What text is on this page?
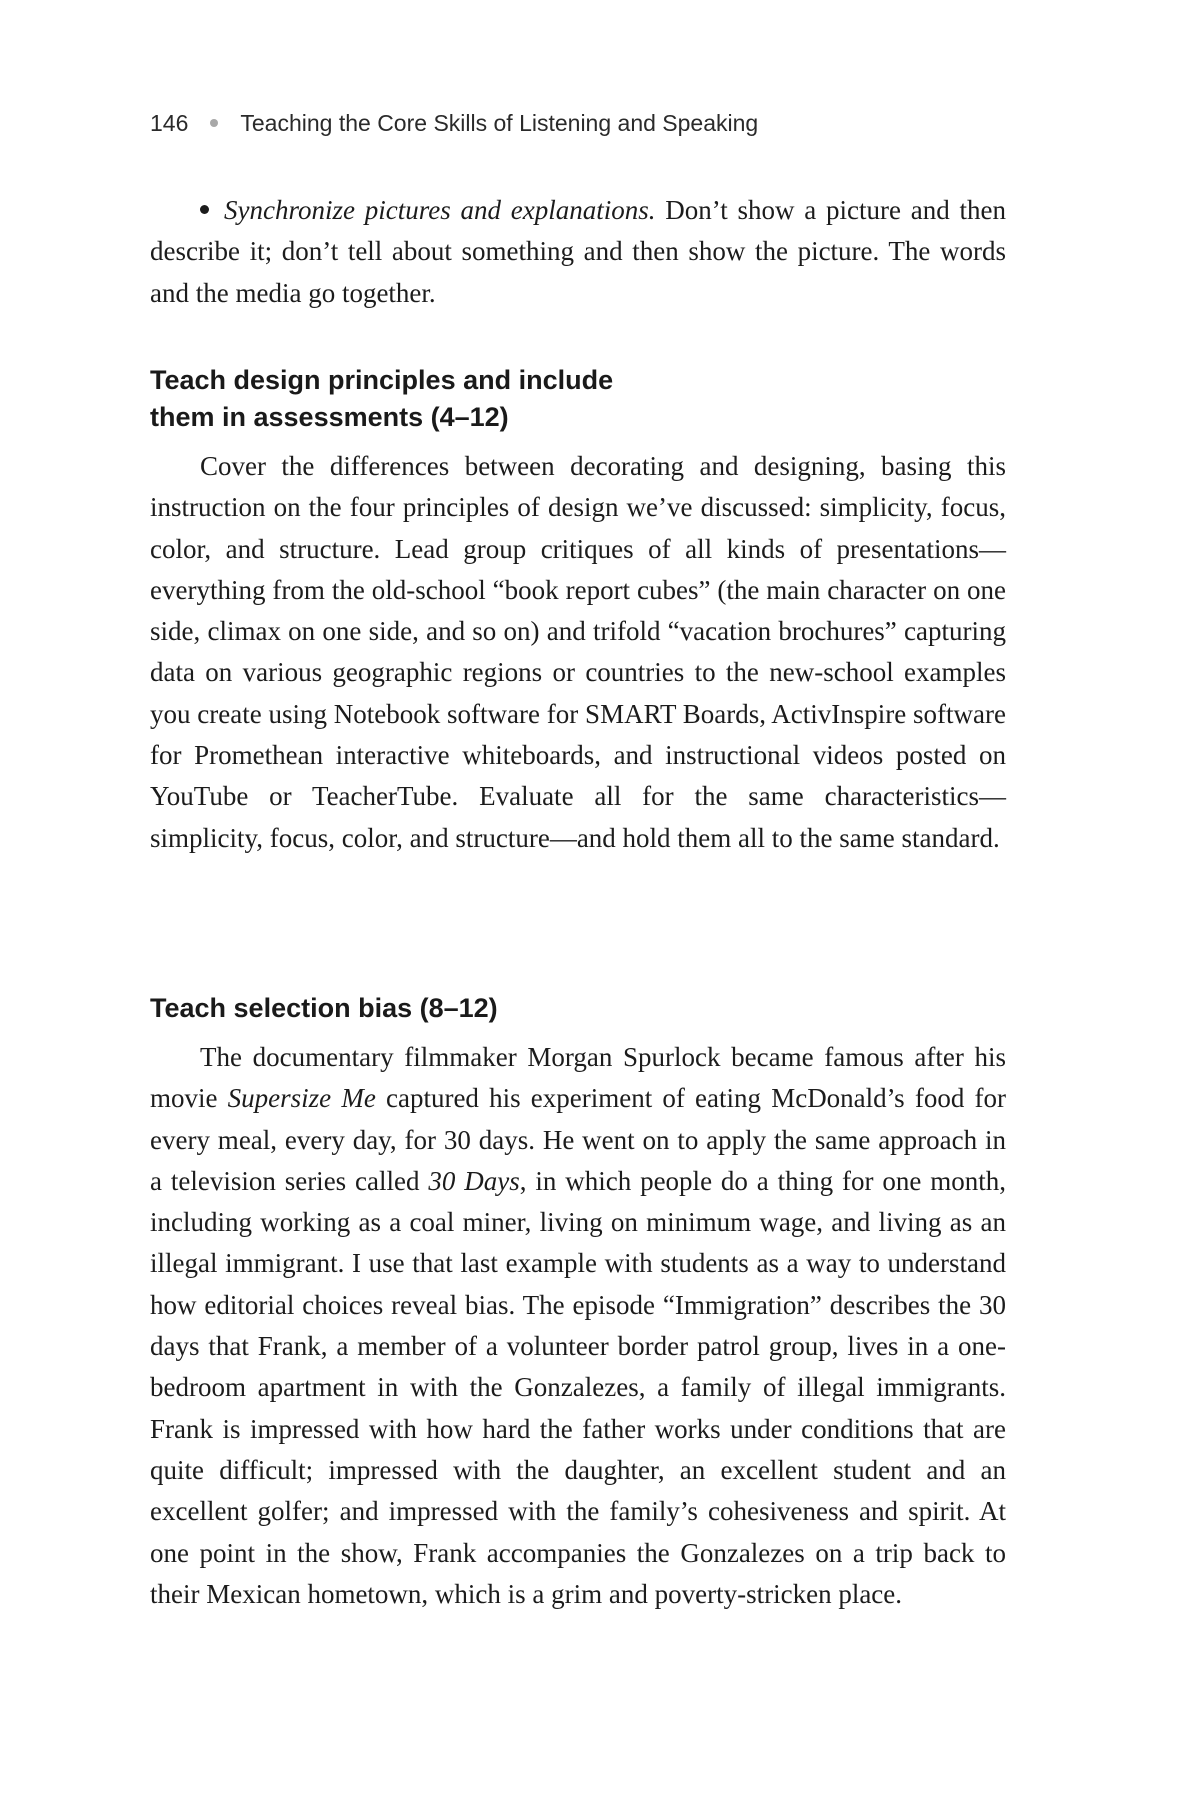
146 Teaching the Core Skills of Listening and Speaking

Synchronize pictures and explanations. Don’t show a picture and then describe it; don’t tell about something and then show the picture. The words and the media go together.

Teach design principles and include
them in assessments (4–12)

Cover the differences between decorating and designing, basing this instruction on the four principles of design we’ve discussed: simplicity, focus, color, and structure. Lead group critiques of all kinds of presentations—everything from the old-school “book report cubes” (the main character on one side, climax on one side, and so on) and trifold “vacation brochures” capturing data on various geographic regions or countries to the new-school examples you create using Notebook software for SMART Boards, ActivInspire software for Promethean interactive whiteboards, and instructional videos posted on YouTube or TeacherTube. Evaluate all for the same characteristics—simplicity, focus, color, and structure—and hold them all to the same standard.

Teach selection bias (8–12)

The documentary filmmaker Morgan Spurlock became famous after his movie Supersize Me captured his experiment of eating McDonald’s food for every meal, every day, for 30 days. He went on to apply the same approach in a television series called 30 Days, in which people do a thing for one month, including working as a coal miner, living on minimum wage, and living as an illegal immigrant. I use that last example with students as a way to understand how editorial choices reveal bias. The episode “Immigration” describes the 30 days that Frank, a member of a volunteer border patrol group, lives in a one-bedroom apartment in with the Gonzalezes, a family of illegal immigrants. Frank is impressed with how hard the father works under conditions that are quite difficult; impressed with the daughter, an excellent student and an excellent golfer; and impressed with the family’s cohesiveness and spirit. At one point in the show, Frank accompanies the Gonzalezes on a trip back to their Mexican hometown, which is a grim and poverty-stricken place.
